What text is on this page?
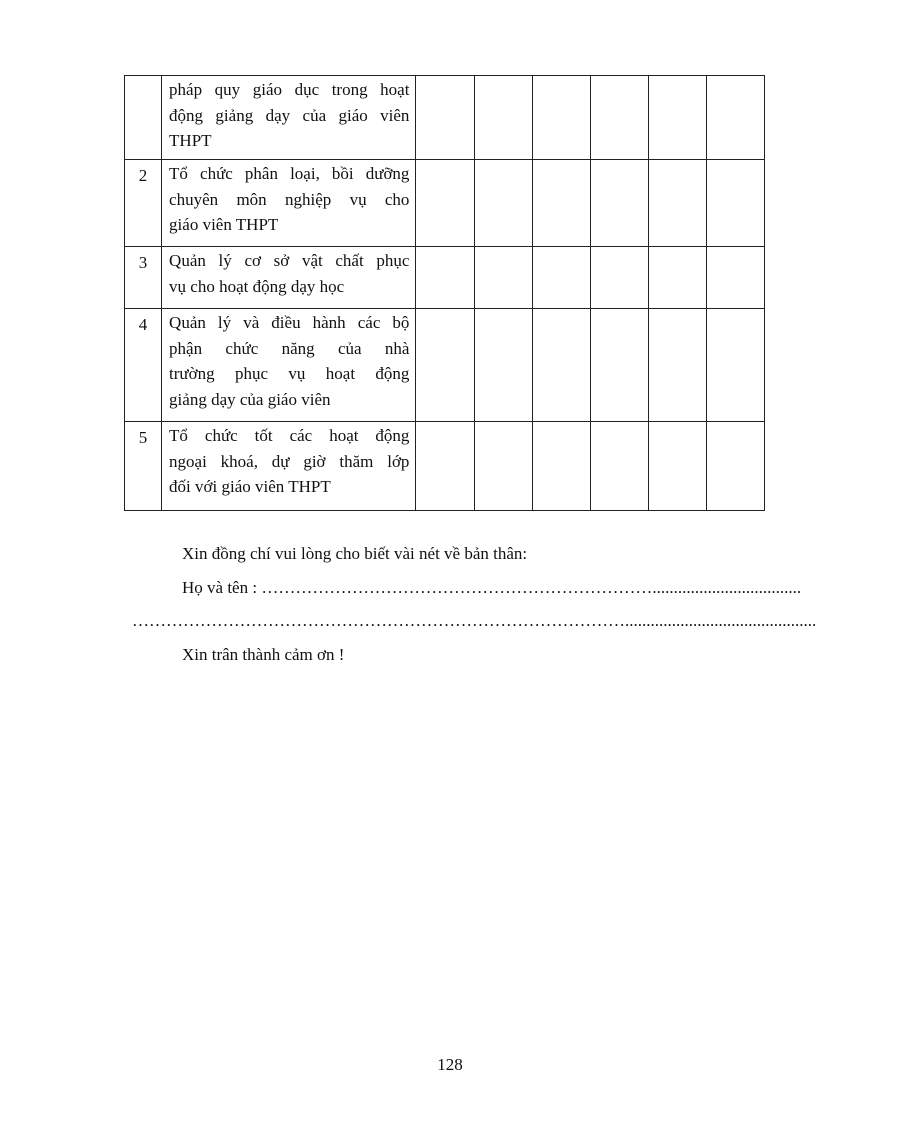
	pháp quy giáo dục trong hoạt
động giảng dạy của giáo viên
THPT						

2	Tổ chức phân loại, bồi dưỡng
chuyên môn nghiệp vụ cho
giáo viên THPT						

3	Quản lý cơ sở vật chất phục
vụ cho hoạt động dạy học						

4	Quản lý và điều hành các bộ
phận chức năng của nhà
trường phục vụ hoạt động
giảng dạy của giáo viên						

5	Tổ chức tốt các hoạt động
ngoại khoá, dự giờ thăm lớp
đối với giáo viên THPT						

Xin đồng chí vui lòng cho biết vài nét về bản thân:
Họ và tên : ……………………………………………………………...................................
…………………………………………………………………………….............................................
Xin trân thành cảm ơn !
128
